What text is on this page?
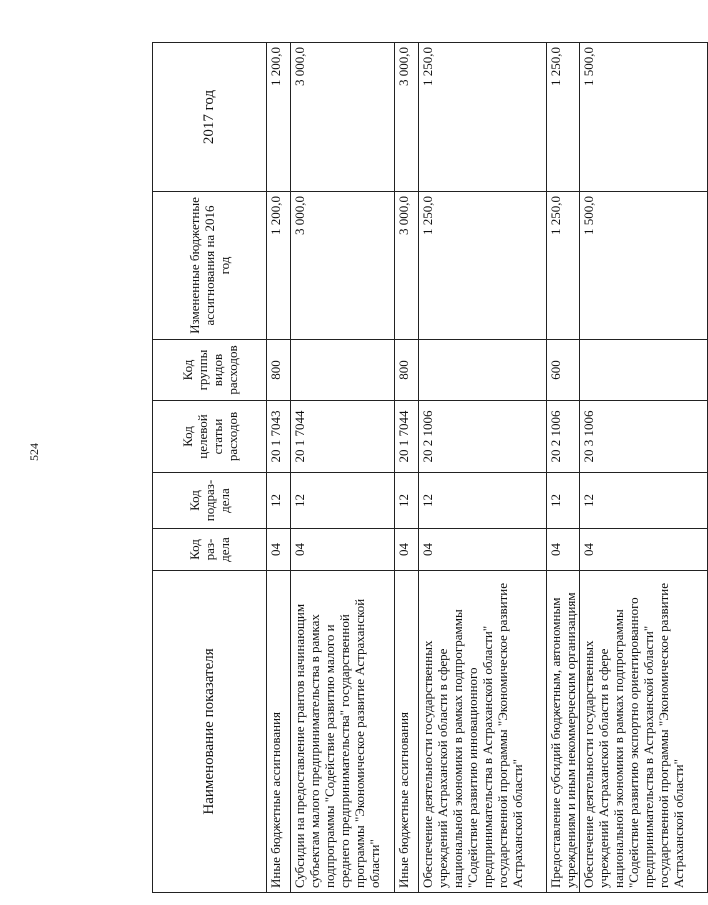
524
Наименование показателя	Код раз-дела	Код подраз-дела	Код целевой статьи расходов	Код группы видов расходов	Измененные бюджетные ассигнования на 2016 год	2017 год
Иные бюджетные ассигнования	04	12	20 1 7043	800	1 200,0	1 200,0
Субсидии на предоставление грантов начинающим субъектам малого предпринимательства в рамках подпрограммы "Содействие развитию малого и среднего предпринимательства" государственной программы "Экономическое развитие Астраханской области"	04	12	20 1 7044		3 000,0	3 000,0
Иные бюджетные ассигнования	04	12	20 1 7044	800	3 000,0	3 000,0
Обеспечение деятельности государственных учреждений Астраханской области в сфере национальной экономики в рамках подпрограммы "Содействие развитию инновационного предпринимательства в Астраханской области" государственной программы "Экономическое развитие Астраханской области"	04	12	20 2 1006		1 250,0	1 250,0
Предоставление субсидий бюджетным, автономным учреждениям и иным некоммерческим организациям	04	12	20 2 1006	600	1 250,0	1 250,0
Обеспечение деятельности государственных учреждений Астраханской области в сфере национальной экономики в рамках подпрограммы "Содействие развитию экспортно ориентированного предпринимательства в Астраханской области" государственной программы "Экономическое развитие Астраханской области"	04	12	20 3 1006		1 500,0	1 500,0
